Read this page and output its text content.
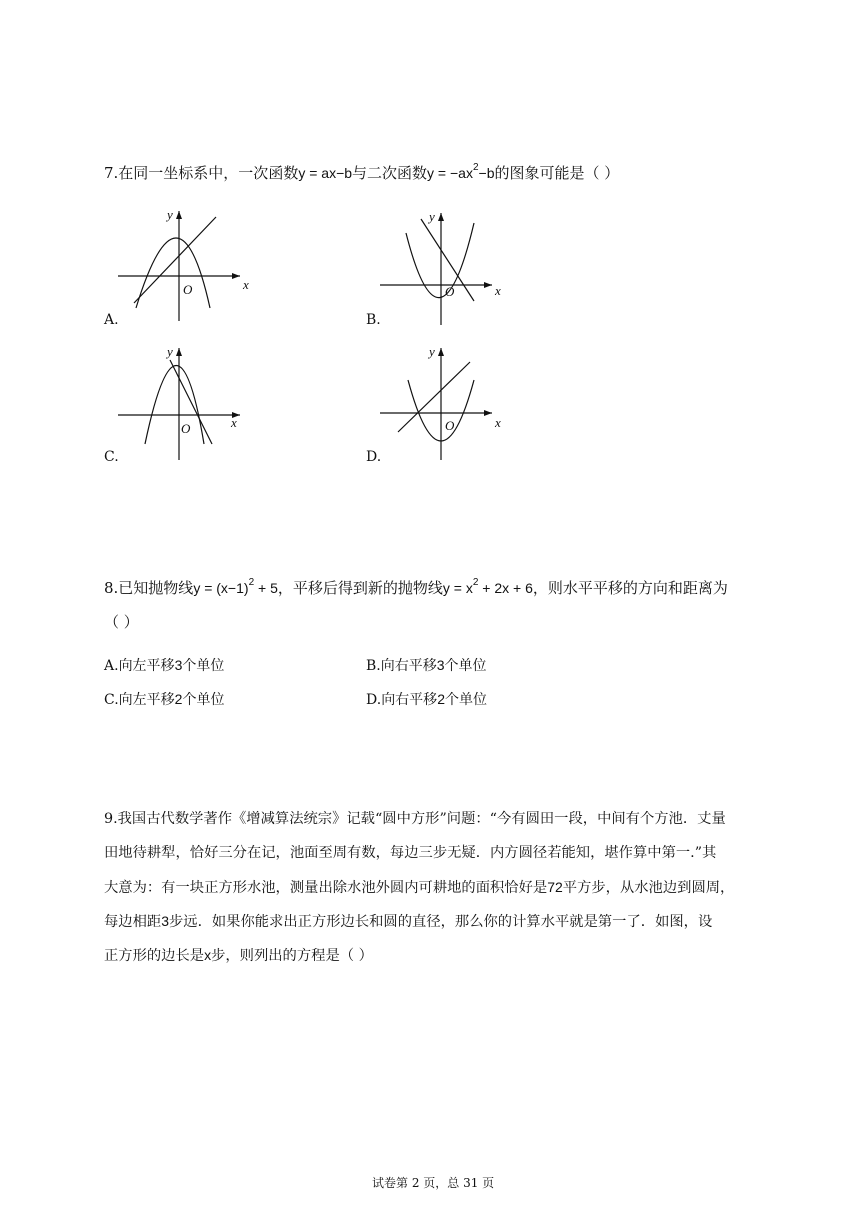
7.在同一坐标系中，一次函数y = ax−b与二次函数$y = -ax^2-b$的图象可能是（ ）
x
y
O
A.
x
y
O
B.
x
y
O
C.
x
y
O
D.
8.已知抛物线$y = (x-1)^2 + 5$，平移后得到新的抛物线$y = x^2 + 2x + 6$，则水平平移的方向和距离为
（ ）
A.向左平移3个单位	B.向右平移3个单位
C.向左平移2个单位	D.向右平移2个单位
9.我国古代数学著作《增减算法统宗》记载“圆中方形”问题：“今有圆田一段，中间有个方池．丈量
田地待耕犁，恰好三分在记，池面至周有数，每边三步无疑．内方圆径若能知，堪作算中第一.”其
大意为：有一块正方形水池，测量出除水池外圆内可耕地的面积恰好是72平方步，从水池边到圆周，
每边相距3步远．如果你能求出正方形边长和圆的直径，那么你的计算水平就是第一了．如图，设
正方形的边长是x步，则列出的方程是（ ）
试卷第 2 页，总 31 页
